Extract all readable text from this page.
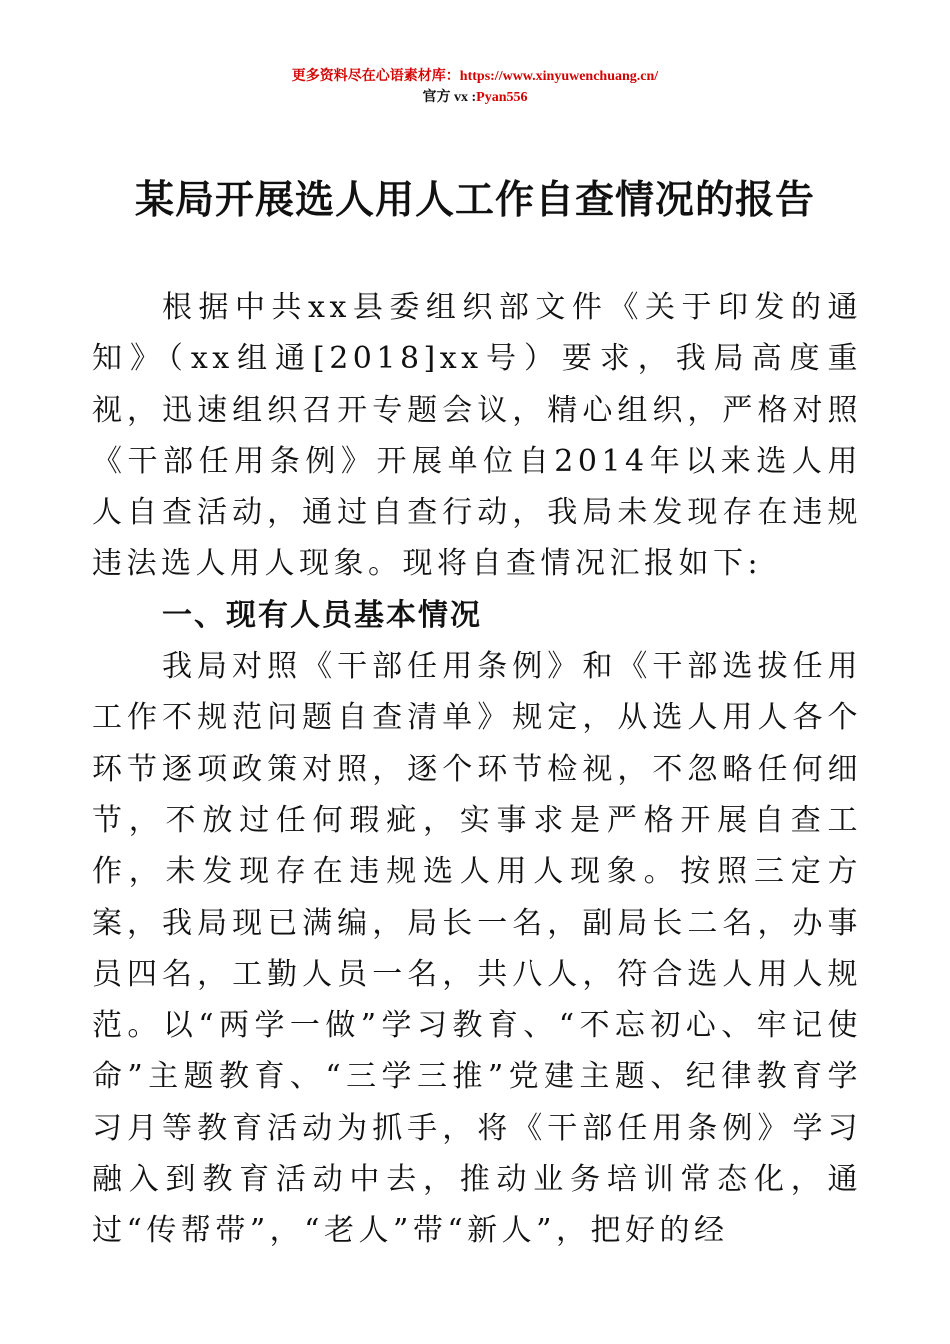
更多资料尽在心语素材库：https://www.xinyuwenchuang.cn/
官方 vx :Pyan556
某局开展选人用人工作自查情况的报告

根据中共xx县委组织部文件《关于印发的通知》（xx组通[2018]xx号）要求，我局高度重视，迅速组织召开专题会议，精心组织，严格对照《干部任用条例》开展单位自2014年以来选人用人自查活动，通过自查行动，我局未发现存在违规违法选人用人现象。现将自查情况汇报如下:

一、现有人员基本情况

我局对照《干部任用条例》和《干部选拔任用工作不规范问题自查清单》规定，从选人用人各个环节逐项政策对照，逐个环节检视，不忽略任何细节，不放过任何瑕疵，实事求是严格开展自查工作，未发现存在违规选人用人现象。按照三定方案，我局现已满编，局长一名，副局长二名，办事员四名，工勤人员一名，共八人，符合选人用人规范。以“两学一做”学习教育、“不忘初心、牢记使命”主题教育、“三学三推”党建主题、纪律教育学习月等教育活动为抓手，将《干部任用条例》学习融入到教育活动中去，推动业务培训常态化，通过“传帮带”，“老人”带“新人”，把好的经
